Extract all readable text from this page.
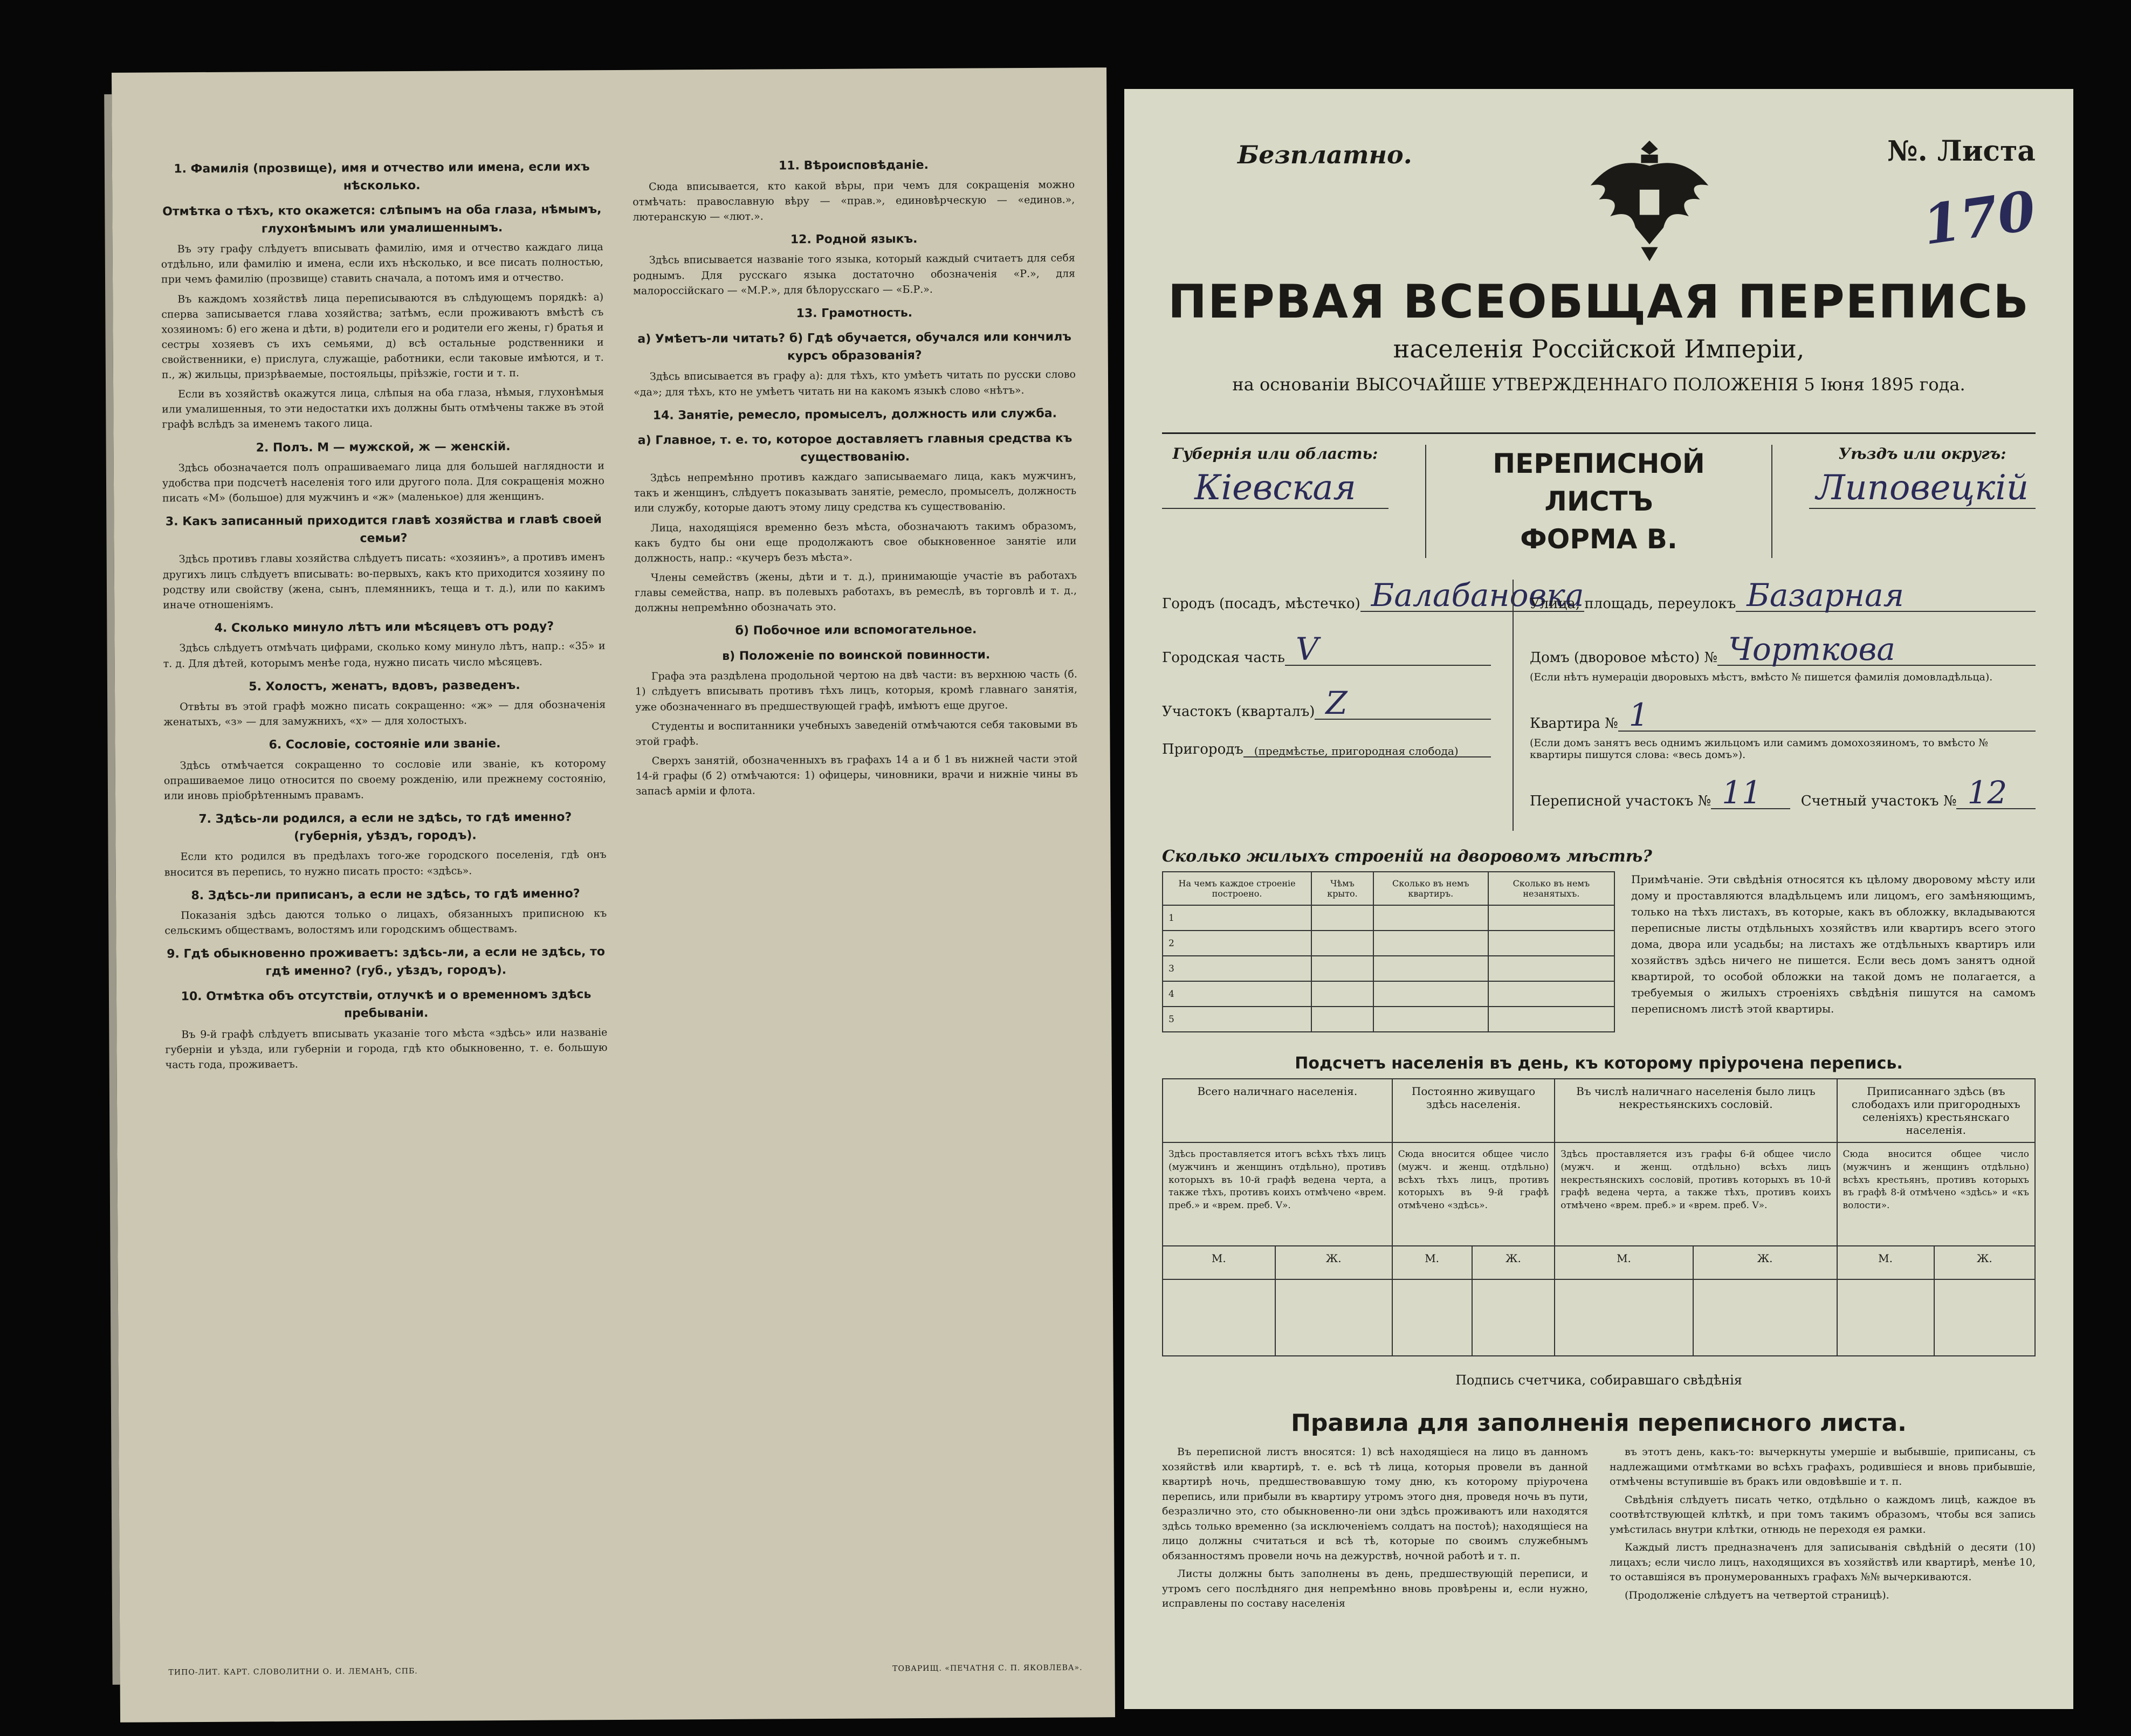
1. Фамилія (прозвище), имя и отчество или имена, если ихъ нѣсколько.
Отмѣтка о тѣхъ, кто окажется: слѣпымъ на оба глаза, нѣмымъ, глухонѣмымъ или умалишеннымъ.

Въ эту графу слѣдуетъ вписывать фамилію, имя и отчество каждаго лица отдѣльно, или фамилію и имена, если ихъ нѣсколько, и все писать полностью, при чемъ фамилію (прозвище) ставить сначала, а потомъ имя и отчество.

Въ каждомъ хозяйствѣ лица переписываются въ слѣдующемъ порядкѣ: а) сперва записывается глава хозяйства; затѣмъ, если проживаютъ вмѣстѣ съ хозяиномъ: б) его жена и дѣти, в) родители его и родители его жены, г) братья и сестры хозяевъ съ ихъ семьями, д) всѣ остальные родственники и свойственники, е) прислуга, служащіе, работники, если таковые имѣются, и т. п., ж) жильцы, призрѣваемые, постояльцы, пріѣзжіе, гости и т. п.

Если въ хозяйствѣ окажутся лица, слѣпыя на оба глаза, нѣмыя, глухонѣмыя или умалишенныя, то эти недостатки ихъ должны быть отмѣчены также въ этой графѣ вслѣдъ за именемъ такого лица.

2. Полъ. М — мужской, ж — женскій.

Здѣсь обозначается полъ опрашиваемаго лица для большей наглядности и удобства при подсчетѣ населенія того или другого пола. Для сокращенія можно писать «М» (большое) для мужчинъ и «ж» (маленькое) для женщинъ.

3. Какъ записанный приходится главѣ хозяйства и главѣ своей семьи?

Здѣсь противъ главы хозяйства слѣдуетъ писать: «хозяинъ», а противъ именъ другихъ лицъ слѣдуетъ вписывать: во-первыхъ, какъ кто приходится хозяину по родству или свойству (жена, сынъ, племянникъ, теща и т. д.), или по какимъ иначе отношеніямъ.

4. Сколько минуло лѣтъ или мѣсяцевъ отъ роду?

Здѣсь слѣдуетъ отмѣчать цифрами, сколько кому минуло лѣтъ, напр.: «35» и т. д. Для дѣтей, которымъ менѣе года, нужно писать число мѣсяцевъ.

5. Холостъ, женатъ, вдовъ, разведенъ.

Отвѣты въ этой графѣ можно писать сокращенно: «ж» — для обозначенія женатыхъ, «з» — для замужнихъ, «х» — для холостыхъ.

6. Сословіе, состояніе или званіе.

Здѣсь отмѣчается сокращенно то сословіе или званіе, къ которому опрашиваемое лицо относится по своему рожденію, или прежнему состоянію, или иновь пріобрѣтеннымъ правамъ.

7. Здѣсь-ли родился, а если не здѣсь, то гдѣ именно? (губернія, уѣздъ, городъ).

Если кто родился въ предѣлахъ того-же городского поселенія, гдѣ онъ вносится въ перепись, то нужно писать просто: «здѣсь».

8. Здѣсь-ли приписанъ, а если не здѣсь, то гдѣ именно?

Показанія здѣсь даются только о лицахъ, обязанныхъ приписною къ сельскимъ обществамъ, волостямъ или городскимъ обществамъ.

9. Гдѣ обыкновенно проживаетъ: здѣсь-ли, а если не здѣсь, то гдѣ именно? (губ., уѣздъ, городъ).
10. Отмѣтка объ отсутствіи, отлучкѣ и о временномъ здѣсь пребываніи.

Въ 9-й графѣ слѣдуетъ вписывать указаніе того мѣста «здѣсь» или названіе губерніи и уѣзда, или губерніи и города, гдѣ кто обыкновенно, т. е. большую часть года, проживаетъ.

11. Вѣроисповѣданіе.

Сюда вписывается, кто какой вѣры, при чемъ для сокращенія можно отмѣчать: православную вѣру — «прав.», единовѣрческую — «единов.», лютеранскую — «лют.».

12. Родной языкъ.

Здѣсь вписывается названіе того языка, который каждый считаетъ для себя роднымъ. Для русскаго языка достаточно обозначенія «Р.», для малороссійскаго — «М.Р.», для бѣлорусскаго — «Б.Р.».

13. Грамотность.
а) Умѣетъ-ли читать? б) Гдѣ обучается, обучался или кончилъ курсъ образованія?

Здѣсь вписывается въ графу а): для тѣхъ, кто умѣетъ читать по русски слово «да»; для тѣхъ, кто не умѣетъ читать ни на какомъ языкѣ слово «нѣтъ».

14. Занятіе, ремесло, промыселъ, должность или служба.
а) Главное, т. е. то, которое доставляетъ главныя средства къ существованію.

Здѣсь непремѣнно противъ каждаго записываемаго лица, какъ мужчинъ, такъ и женщинъ, слѣдуетъ показывать занятіе, ремесло, промыселъ, должность или службу, которые даютъ этому лицу средства къ существованію.

Лица, находящіяся временно безъ мѣста, обозначаютъ такимъ образомъ, какъ будто бы они еще продолжаютъ свое обыкновенное занятіе или должность, напр.: «кучеръ безъ мѣста».

Члены семействъ (жены, дѣти и т. д.), принимающіе участіе въ работахъ главы семейства, напр. въ полевыхъ работахъ, въ ремеслѣ, въ торговлѣ и т. д., должны непремѣнно обозначать это.

б) Побочное или вспомогательное.
в) Положеніе по воинской повинности.

Графа эта раздѣлена продольной чертою на двѣ части: въ верхнюю часть (б. 1) слѣдуетъ вписывать противъ тѣхъ лицъ, которыя, кромѣ главнаго занятія, уже обозначеннаго въ предшествующей графѣ, имѣютъ еще другое.

Студенты и воспитанники учебныхъ заведеній отмѣчаются себя таковыми въ этой графѣ.

Сверхъ занятій, обозначенныхъ въ графахъ 14 а и б 1 въ нижней части этой 14-й графы (б 2) отмѣчаются: 1) офицеры, чиновники, врачи и нижніе чины въ запасѣ арміи и флота.

ТИПО-ЛИТ. КАРТ. СЛОВОЛИТНИ О. И. ЛЕМАНЪ, СПБ.	ТОВАРИЩ. «ПЕЧАТНЯ С. П. ЯКОВЛЕВА».
Безплатно.	№. Листа
170
ПЕРВАЯ ВСЕОБЩАЯ ПЕРЕПИСЬ
населенія Россійской Имперіи,
на основаніи ВЫСОЧАЙШЕ УТВЕРЖДЕННАГО ПОЛОЖЕНІЯ 5 Іюня 1895 года.
Губернія или область:
Кіевская
ПЕРЕПИСНОЙ ЛИСТЪ
ФОРМА В.
Уѣздъ или округъ:
Липовецкій
Городъ (посадъ, мѣстечко) Балабановка
Городская часть V
Участокъ (кварталъ) Z
Пригородъ	(предмѣстье, пригородная слобода)
Улица, площадь, переулокъ Базарная
Домъ (дворовое мѣсто) № Чорткова
(Если нѣтъ нумераціи дворовыхъ мѣстъ, вмѣсто № пишется фамилія домовладѣльца).
Квартира № 1
(Если домъ занятъ весь однимъ жильцомъ или самимъ домохозяиномъ, то вмѣсто № квартиры пишутся слова: «весь домъ»).
Переписной участокъ № 11	Счетный участокъ № 12
Сколько жилыхъ строеній на дворовомъ мѣстѣ?
На чемъ каждое строеніе построено.	Чѣмъ крыто.	Сколько въ немъ квартиръ.	Сколько въ немъ незанятыхъ.
1			
2			
3			
4			
5			
Примѣчаніе. Эти свѣдѣнія относятся къ цѣлому дворовому мѣсту или дому и проставляются владѣльцемъ или лицомъ, его замѣняющимъ, только на тѣхъ листахъ, въ которые, какъ въ обложку, вкладываются переписные листы отдѣльныхъ хозяйствъ или квартиръ всего этого дома, двора или усадьбы; на листахъ же отдѣльныхъ квартиръ или хозяйствъ здѣсь ничего не пишется. Если весь домъ занятъ одной квартирой, то особой обложки на такой домъ не полагается, а требуемыя о жилыхъ строеніяхъ свѣдѣнія пишутся на самомъ переписномъ листѣ этой квартиры.
Подсчетъ населенія въ день, къ которому пріурочена перепись.
Всего наличнаго населенія.		Постоянно живущаго здѣсь населенія.		Въ числѣ наличнаго населенія было лицъ некрестьянскихъ сословій.		Приписаннаго здѣсь (въ слободахъ или пригородныхъ селеніяхъ) крестьянскаго населенія.	
Здѣсь проставляется итогъ всѣхъ тѣхъ лицъ (мужчинъ и женщинъ отдѣльно), противъ которыхъ въ 10-й графѣ ведена черта, а также тѣхъ, противъ коихъ отмѣчено «врем. преб.» и «врем. преб. V».		Сюда вносится общее число (мужч. и женщ. отдѣльно) всѣхъ тѣхъ лицъ, противъ которыхъ въ 9-й графѣ отмѣчено «здѣсь».		Здѣсь проставляется изъ графы 6-й общее число (мужч. и женщ. отдѣльно) всѣхъ лицъ некрестьянскихъ сословій, противъ которыхъ въ 10-й графѣ ведена черта, а также тѣхъ, противъ коихъ отмѣчено «врем. преб.» и «врем. преб. V».		Сюда вносится общее число (мужчинъ и женщинъ отдѣльно) всѣхъ крестьянъ, противъ которыхъ въ графѣ 8-й отмѣчено «здѣсь» и «къ волости».	
М.	Ж.	М.	Ж.	М.	Ж.	М.	Ж.

Подпись счетчика, собиравшаго свѣдѣнія
Правила для заполненія переписного листа.

Въ переписной листъ вносятся: 1) всѣ находящіеся на лицо въ данномъ хозяйствѣ или квартирѣ, т. е. всѣ тѣ лица, которыя провели въ данной квартирѣ ночь, предшествовавшую тому дню, къ которому пріурочена перепись, или прибыли въ квартиру утромъ этого дня, проведя ночь въ пути, безразлично это, сто обыкновенно-ли они здѣсь проживаютъ или находятся здѣсь только временно (за исключеніемъ солдатъ на постоѣ); находящіеся на лицо должны считаться и всѣ тѣ, которые по своимъ служебнымъ обязанностямъ провели ночь на дежурствѣ, ночной работѣ и т. п.

Листы должны быть заполнены въ день, предшествующій переписи, и утромъ сего послѣдняго дня непремѣнно вновь провѣрены и, если нужно, исправлены по составу населенія

въ этотъ день, какъ-то: вычеркнуты умершіе и выбывшіе, приписаны, съ надлежащими отмѣтками во всѣхъ графахъ, родившіеся и вновь прибывшіе, отмѣчены вступившіе въ бракъ или овдовѣвшіе и т. п.

Свѣдѣнія слѣдуетъ писать четко, отдѣльно о каждомъ лицѣ, каждое въ соотвѣтствующей клѣткѣ, и при томъ такимъ образомъ, чтобы вся запись умѣстилась внутри клѣтки, отнюдь не переходя ея рамки.

Каждый листъ предназначенъ для записыванія свѣдѣній о десяти (10) лицахъ; если число лицъ, находящихся въ хозяйствѣ или квартирѣ, менѣе 10, то оставшіяся въ пронумерованныхъ графахъ №№ вычеркиваются.

(Продолженіе слѣдуетъ на четвертой страницѣ).
